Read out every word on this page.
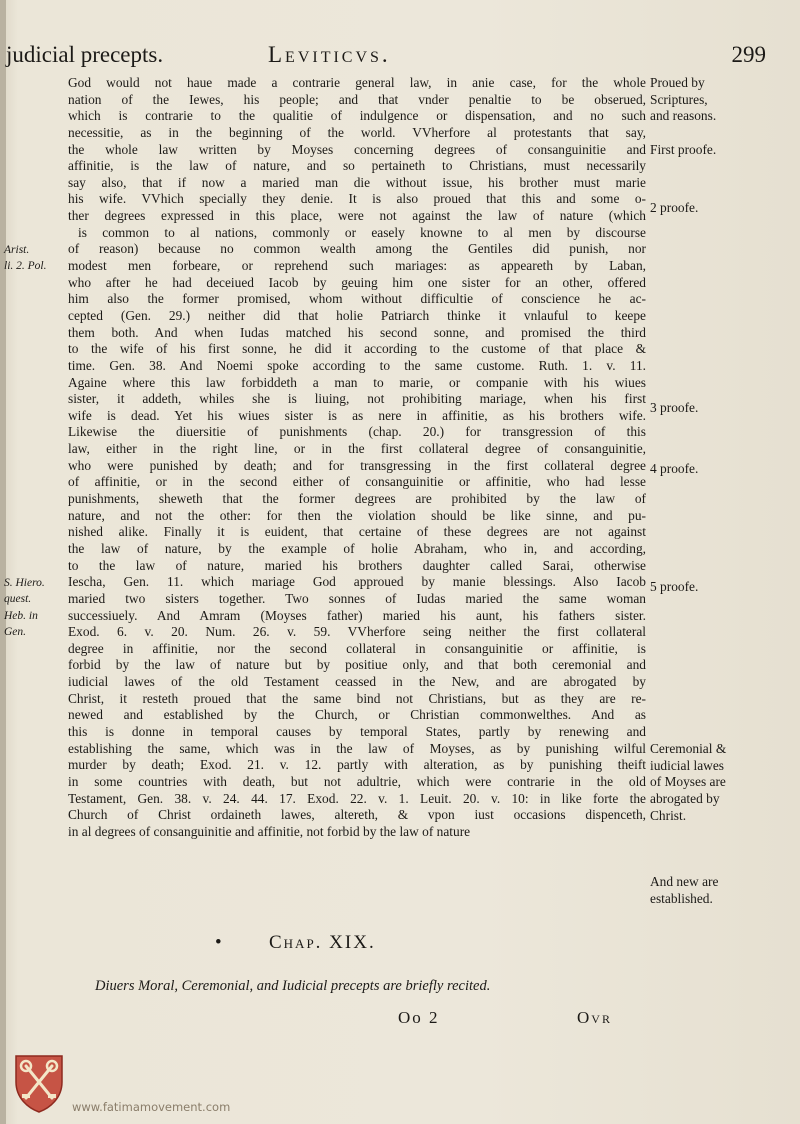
judicial precepts.	Leviticvs.	299
God would not haue made a contrarie general law, in anie case, for the whole
nation of the Iewes, his people; and that vnder penaltie to be obserued,
which is contrarie to the qualitie of indulgence or dispensation, and no such
necessitie, as in the beginning of the world. VVherfore al protestants that say,
the whole law written by Moyses concerning degrees of consanguinitie and
affinitie, is the law of nature, and so pertaineth to Christians, must necessarily
say also, that if now a maried man die without issue, his brother must marie
his wife. VVhich specially they denie. It is also proued that this and some o-
ther degrees expressed in this place, were not against the law of nature (which
is common to al nations, commonly or easely knowne to al men by discourse
of reason) because no common wealth among the Gentiles did punish, nor
modest men forbeare, or reprehend such mariages: as appeareth by Laban,
who after he had deceiued Iacob by geuing him one sister for an other, offered
him also the former promised, whom without difficultie of conscience he ac-
cepted (Gen. 29.) neither did that holie Patriarch thinke it vnlauful to keepe
them both. And when Iudas matched his second sonne, and promised the third
to the wife of his first sonne, he did it according to the custome of that place &
time. Gen. 38. And Noemi spoke according to the same custome. Ruth. 1. v. 11.
Againe where this law forbiddeth a man to marie, or companie with his wiues
sister, it addeth, whiles she is liuing, not prohibiting mariage, when his first
wife is dead. Yet his wiues sister is as nere in affinitie, as his brothers wife.
Likewise the diuersitie of punishments (chap. 20.) for transgression of this
law, either in the right line, or in the first collateral degree of consanguinitie,
who were punished by death; and for transgressing in the first collateral degree
of affinitie, or in the second either of consanguinitie or affinitie, who had lesse
punishments, sheweth that the former degrees are prohibited by the law of
nature, and not the other: for then the violation should be like sinne, and pu-
nished alike. Finally it is euident, that certaine of these degrees are not against
the law of nature, by the example of holie Abraham, who in, and according,
to the law of nature, maried his brothers daughter called Sarai, otherwise
Iescha, Gen. 11. which mariage God approued by manie blessings. Also Iacob
maried two sisters together. Two sonnes of Iudas maried the same woman
successiuely. And Amram (Moyses father) maried his aunt, his fathers sister.
Exod. 6. v. 20. Num. 26. v. 59. VVherfore seing neither the first collateral
degree in affinitie, nor the second collateral in consanguinitie or affinitie, is
forbid by the law of nature but by positiue only, and that both ceremonial and
iudicial lawes of the old Testament ceassed in the New, and are abrogated by
Christ, it resteth proued that the same bind not Christians, but as they are re-
newed and established by the Church, or Christian commonwelthes. And as
this is donne in temporal causes by temporal States, partly by renewing and
establishing the same, which was in the law of Moyses, as by punishing wilful
murder by death; Exod. 21. v. 12. partly with alteration, as by punishing theift
in some countries with death, but not adultrie, which were contrarie in the old
Testament, Gen. 38. v. 24. 44. 17. Exod. 22. v. 1. Leuit. 20. v. 10: in like forte the
Church of Christ ordaineth lawes, altereth, & vpon iust occasions dispenceth,
in al degrees of consanguinitie and affinitie, not forbid by the law of nature
Proued by
Scriptures,
and reasons.
First proofe.
2 proofe.
3 proofe.
4 proofe.
5 proofe.
Ceremonial &
iudicial lawes
of Moyses are
abrogated by
Christ.
And new are
established.
Arist.
li. 2. Pol.
S. Hiero.
quest.
Heb. in
Gen.
• Chap. XIX.
Diuers Moral, Ceremonial, and Iudicial precepts are briefly recited.
Oo 2	Ovr
www.fatimamovement.com
